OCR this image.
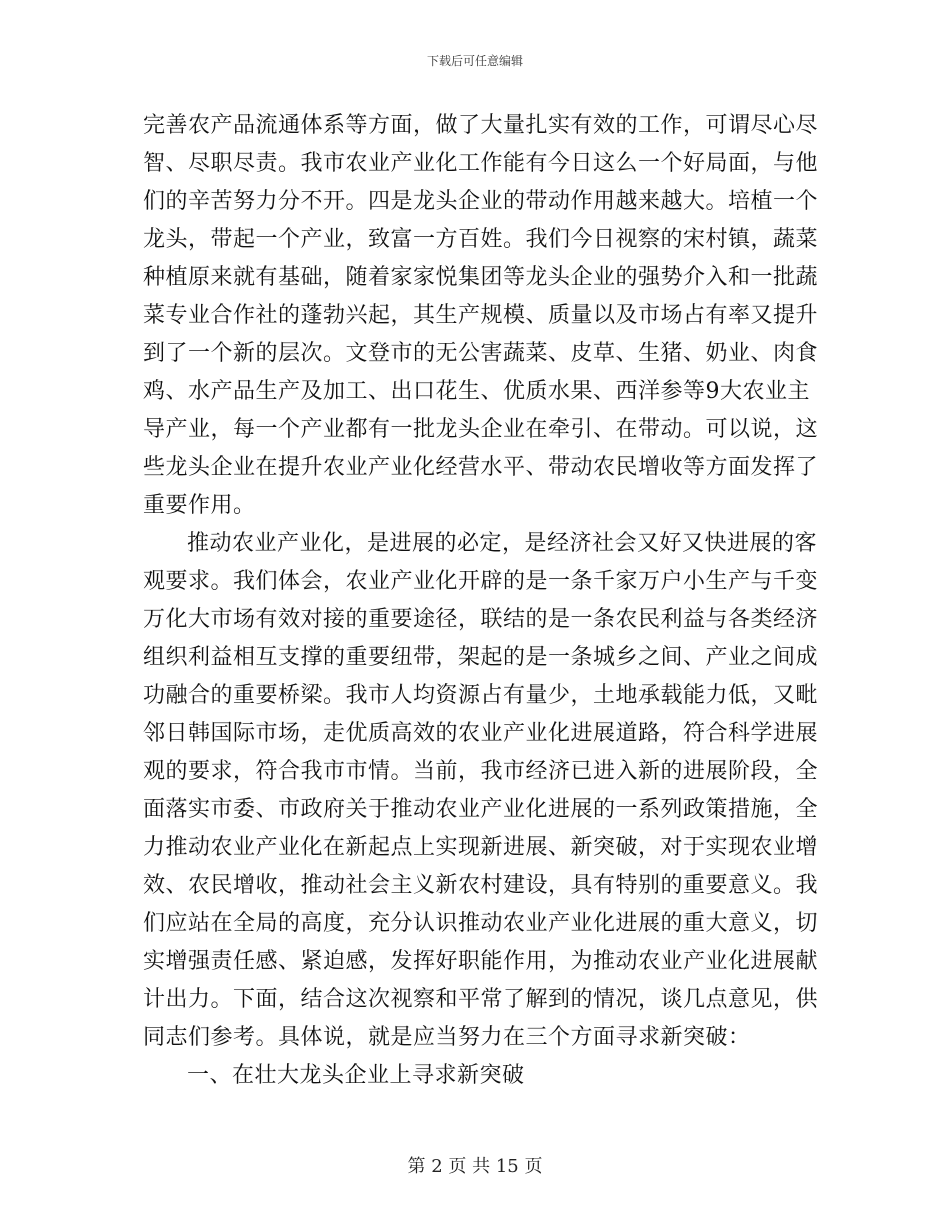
下载后可任意编辑
完善农产品流通体系等方面，做了大量扎实有效的工作，可谓尽心尽
智、尽职尽责。我市农业产业化工作能有今日这么一个好局面，与他
们的辛苦努力分不开。四是龙头企业的带动作用越来越大。培植一个
龙头，带起一个产业，致富一方百姓。我们今日视察的宋村镇，蔬菜
种植原来就有基础，随着家家悦集团等龙头企业的强势介入和一批蔬
菜专业合作社的蓬勃兴起，其生产规模、质量以及市场占有率又提升
到了一个新的层次。文登市的无公害蔬菜、皮草、生猪、奶业、肉食
鸡、水产品生产及加工、出口花生、优质水果、西洋参等9大农业主
导产业，每一个产业都有一批龙头企业在牵引、在带动。可以说，这
些龙头企业在提升农业产业化经营水平、带动农民增收等方面发挥了
重要作用。
推动农业产业化，是进展的必定，是经济社会又好又快进展的客
观要求。我们体会，农业产业化开辟的是一条千家万户小生产与千变
万化大市场有效对接的重要途径，联结的是一条农民利益与各类经济
组织利益相互支撑的重要纽带，架起的是一条城乡之间、产业之间成
功融合的重要桥梁。我市人均资源占有量少，土地承载能力低，又毗
邻日韩国际市场，走优质高效的农业产业化进展道路，符合科学进展
观的要求，符合我市市情。当前，我市经济已进入新的进展阶段，全
面落实市委、市政府关于推动农业产业化进展的一系列政策措施，全
力推动农业产业化在新起点上实现新进展、新突破，对于实现农业增
效、农民增收，推动社会主义新农村建设，具有特别的重要意义。我
们应站在全局的高度，充分认识推动农业产业化进展的重大意义，切
实增强责任感、紧迫感，发挥好职能作用，为推动农业产业化进展献
计出力。下面，结合这次视察和平常了解到的情况，谈几点意见，供
同志们参考。具体说，就是应当努力在三个方面寻求新突破：
一、在壮大龙头企业上寻求新突破
第 2 页 共 15 页
